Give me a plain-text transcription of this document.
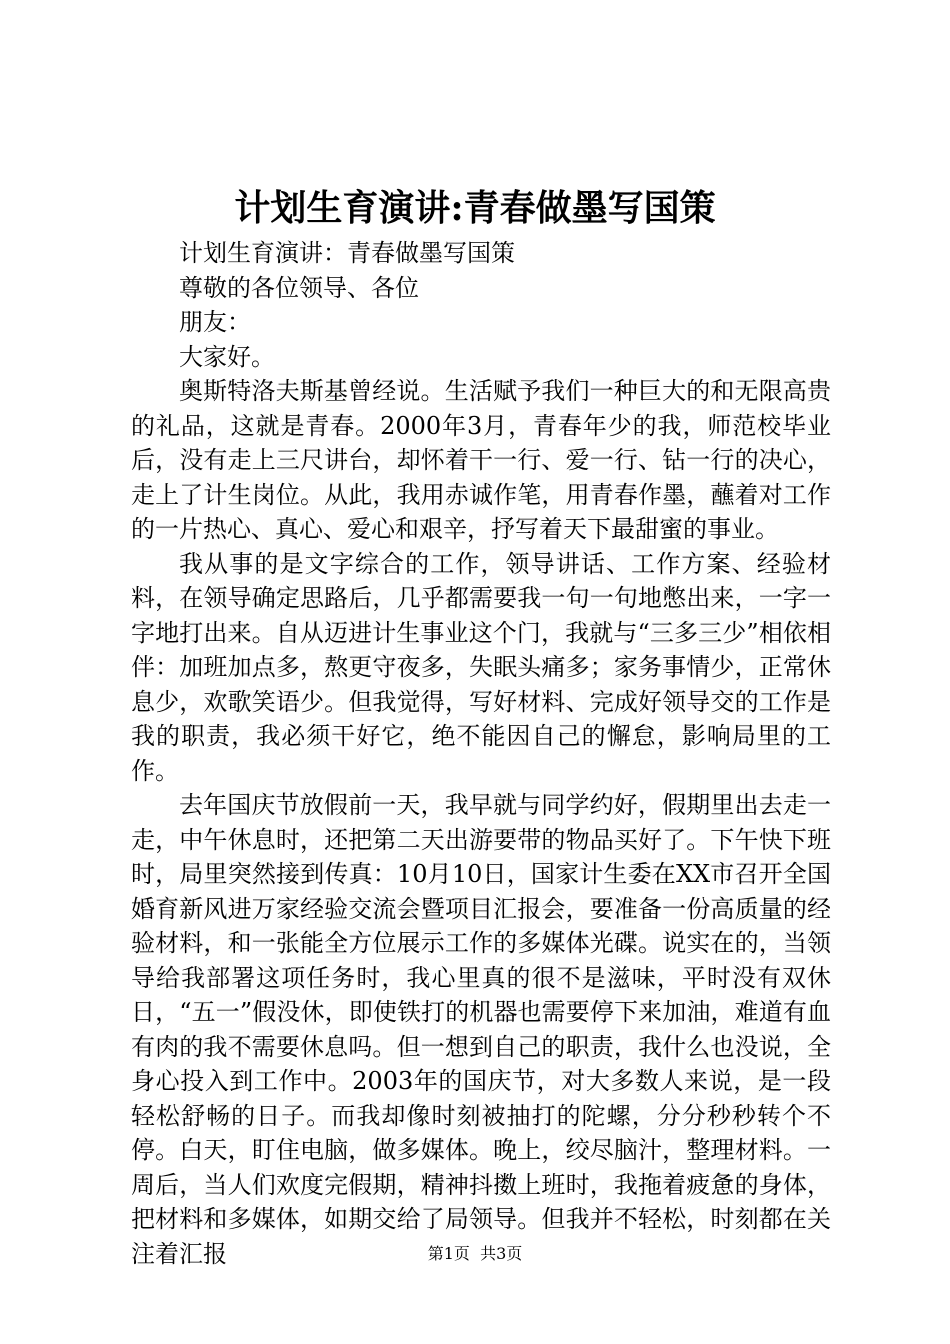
计划生育演讲:青春做墨写国策

计划生育演讲：青春做墨写国策

尊敬的各位领导、各位

朋友：

大家好。

奥斯特洛夫斯基曾经说。生活赋予我们一种巨大的和无限高贵的礼品，这就是青春。2000年3月，青春年少的我，师范校毕业后，没有走上三尺讲台，却怀着干一行、爱一行、钻一行的决心，走上了计生岗位。从此，我用赤诚作笔，用青春作墨，蘸着对工作的一片热心、真心、爱心和艰辛，抒写着天下最甜蜜的事业。

我从事的是文字综合的工作，领导讲话、工作方案、经验材料，在领导确定思路后，几乎都需要我一句一句地憋出来，一字一字地打出来。自从迈进计生事业这个门，我就与“三多三少”相依相伴：加班加点多，熬更守夜多，失眠头痛多；家务事情少，正常休息少，欢歌笑语少。但我觉得，写好材料、完成好领导交的工作是我的职责，我必须干好它，绝不能因自己的懈怠，影响局里的工作。

去年国庆节放假前一天，我早就与同学约好，假期里出去走一走，中午休息时，还把第二天出游要带的物品买好了。下午快下班时，局里突然接到传真：10月10日，国家计生委在XX市召开全国婚育新风进万家经验交流会暨项目汇报会，要准备一份高质量的经验材料，和一张能全方位展示工作的多媒体光碟。说实在的，当领导给我部署这项任务时，我心里真的很不是滋味，平时没有双休日，“五一”假没休，即使铁打的机器也需要停下来加油，难道有血有肉的我不需要休息吗。但一想到自己的职责，我什么也没说，全身心投入到工作中。2003年的国庆节，对大多数人来说，是一段轻松舒畅的日子。而我却像时刻被抽打的陀螺，分分秒秒转个不停。白天，盯住电脑，做多媒体。晚上，绞尽脑汁，整理材料。一周后，当人们欢度完假期，精神抖擞上班时，我拖着疲惫的身体，把材料和多媒体，如期交给了局领导。但我并不轻松，时刻都在关注着汇报	第1页  共3页
